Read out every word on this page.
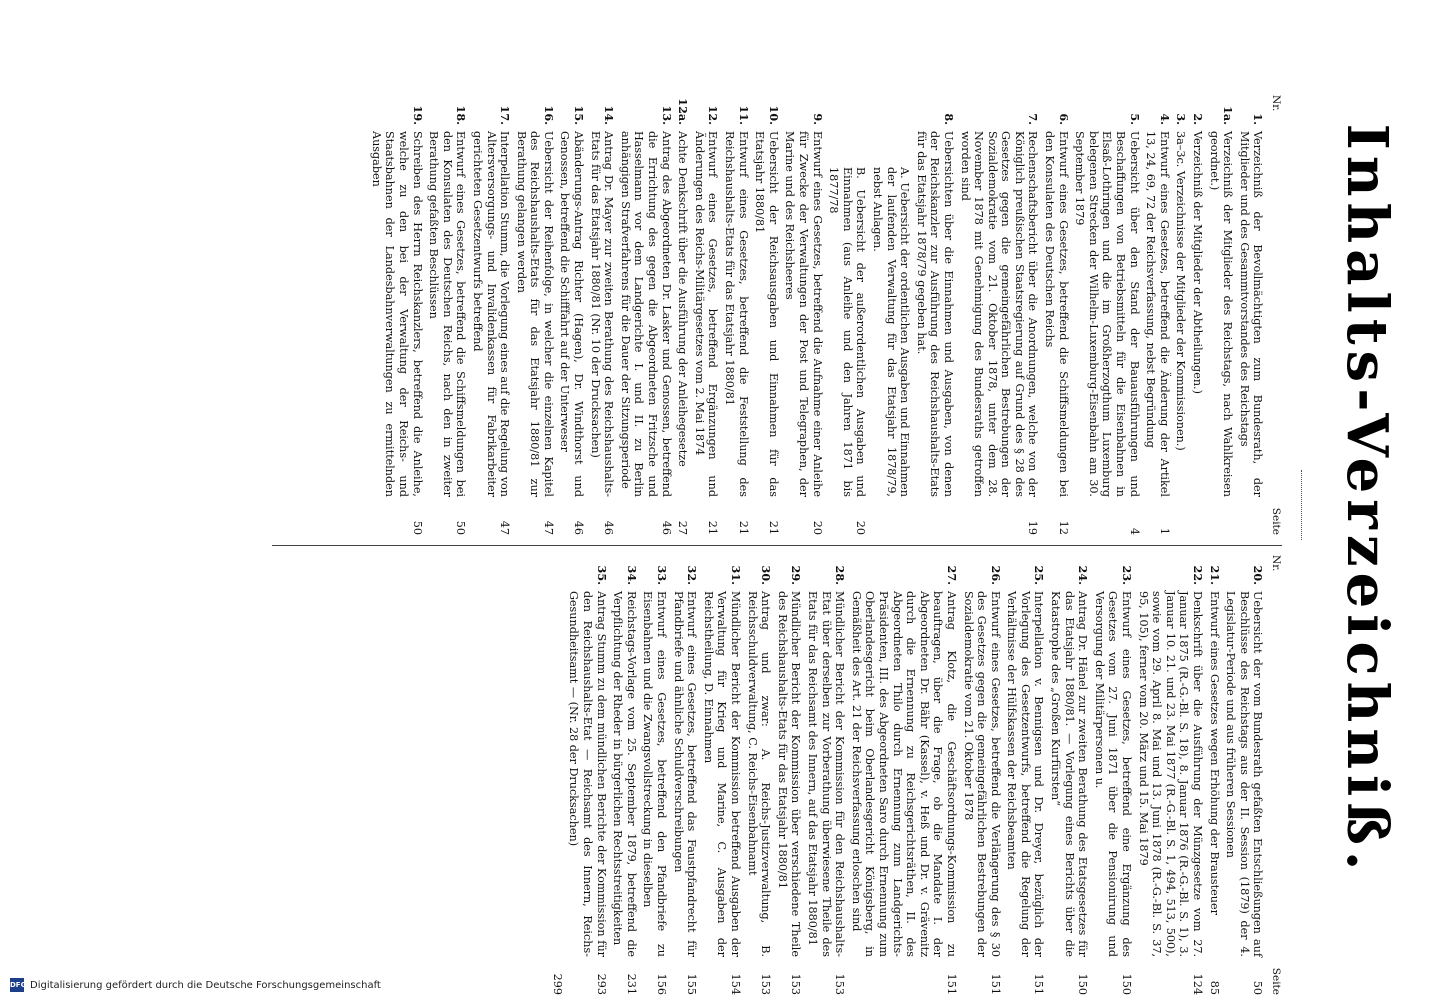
Inhalts-Verzeichniß.
Nr.
Seite
1.
Verzeichniß der Bevollmächtigten zum Bundesrath, der Mitglieder und des Gesammtvorstandes des Reichstags
1a.
Verzeichniß der Mitglieder des Reichstags, nach Wahlkreisen geordnet.)
2.
Verzeichniß der Mitglieder der Abtheilungen.)
3.
3a–3c. Verzeichnisse der Mitglieder der Kommissionen.)
4.
Entwurf eines Gesetzes, betreffend die Änderung der Artikel 13, 24, 69, 72 der Reichsverfassung, nebst Begründung
1
5.
Uebersicht über den Stand der Bauausführungen und Beschaffungen von Betriebsmitteln für die Eisenbahnen in Elsaß-Lothringen und die im Großherzogthum Luxemburg belegenen Strecken der Wilhelm-Luxemburg-Eisenbahn am 30. September 1879
4
6.
Entwurf eines Gesetzes, betreffend die Schiffsmeldungen bei den Konsulaten des Deutschen Reichs
12
7.
Rechenschaftsbericht über die Anordnungen, welche von der Königlich preußischen Staatsregierung auf Grund des § 28 des Gesetzes gegen die gemeingefährlichen Bestrebungen der Sozialdemokratie vom 21. Oktober 1878, unter dem 28. November 1878 mit Genehmigung des Bundesraths getroffen worden sind
19
8.
Uebersichten über die Einnahmen und Ausgaben, von denen der Reichskanzler zur Ausführung des Reichshaushalts-Etats für das Etatsjahr 1878/79 gegeben hat.
A. Uebersicht der ordentlichen Ausgaben und Einnahmen der laufenden Verwaltung für das Etatsjahr 1878/79, nebst Anlagen.
B. Uebersicht der außerordentlichen Ausgaben und Einnahmen (aus Anleihe und den Jahren 1871 bis 1877/78
20
9.
Entwurf eines Gesetzes, betreffend die Aufnahme einer Anleihe für Zwecke der Verwaltungen der Post und Telegraphen, der Marine und des Reichsheeres
20
10.
Uebersicht der Reichsausgaben und Einnahmen für das Etatsjahr 1880/81
21
11.
Entwurf eines Gesetzes, betreffend die Feststellung des Reichshaushalts-Etats für das Etatsjahr 1880/81
21
12.
Entwurf eines Gesetzes, betreffend Ergänzungen und Änderungen des Reichs-Militärgesetzes vom 2. Mai 1874
21
12a.
Achte Denkschrift über die Ausführung der Anleihegesetze
27
13.
Antrag des Abgeordneten Dr. Lasker und Genossen, betreffend die Errichtung des gegen die Abgeordneten Fritzsche und Hasselmann vor dem Landgerichte I. und II. zu Berlin anhängigen Strafverfahrens für die Dauer der Sitzungsperiode
46
14.
Antrag Dr. Mayer zur zweiten Berathung des Reichshaushalts-Etats für das Etatsjahr 1880/81 (Nr. 10 der Drucksachen)
46
15.
Abänderungs-Antrag Richter (Hagen), Dr. Windthorst und Genossen, betreffend die Schifffahrt auf der Unterweser
46
16.
Uebersicht der Reihenfolge, in welcher die einzelnen Kapitel des Reichshaushalts-Etats für das Etatsjahr 1880/81 zur Berathung gelangen werden
47
17.
Interpellation Stumm, die Vorlegung eines auf die Regelung von Altersversorgungs- und Invalidenkassen für Fabrikarbeiter gerichteten Gesetzentwurfs betreffend
47
18.
Entwurf eines Gesetzes, betreffend die Schiffsmeldungen bei den Konsulaten des Deutschen Reichs, nach den in zweiter Berathung gefaßten Beschlüssen
50
19.
Schreiben des Herrn Reichskanzlers, betreffend die Anleihe, welche zu den bei der Verwaltung der Reichs- und Staatsbahnen der Landesbahnverwaltungen zu ermittelnden Ausgaben
50
Nr.
Seite
20.
Uebersicht der vom Bundesrath gefaßten Entschließungen auf Beschlüsse des Reichstags aus der II. Session (1879) der 4. Legislatur-Periode und aus früheren Sessionen
50
21.
Entwurf eines Gesetzes wegen Erhöhung der Brausteuer
85
22.
Denkschrift über die Ausführung der Münzgesetze vom 27. Januar 1875 (R.-G.-Bl. S. 18), 8. Januar 1876 (R.-G.-Bl. S. 1), 3. Januar 10. 21. und 23. Mai 1877 (R.-G.-Bl. S. 1, 494, 513, 500), sowie vom 29. April 8. Mai und 13. Juni 1878 (R.-G.-Bl. S. 37, 95, 105), ferner vom 20. März und 15. Mai 1879
124
23.
Entwurf eines Gesetzes, betreffend eine Ergänzung des Gesetzes vom 27. Juni 1871 über die Pensionirung und Versorgung der Militärpersonen u.
150
24.
Antrag Dr. Hänel zur zweiten Berathung des Etatsgesetzes für das Etatsjahr 1880/81. — Vorlegung eines Berichts über die Katastrophe des „Großen Kurfürsten“
150
25.
Interpellation v. Bennigsen und Dr. Dreyer, bezüglich der Vorlegung des Gesetzentwurfs, betreffend die Regelung der Verhältnisse der Hülfskassen der Reichsbeamten
151
26.
Entwurf eines Gesetzes, betreffend die Verlängerung des § 30 des Gesetzes gegen die gemeingefährlichen Bestrebungen der Sozialdemokratie vom 21. Oktober 1878
151
27.
Antrag Klotz, die Geschäftsordnungs-Kommission zu beauftragen, über die Frage, ob die Mandate I. der Abgeordneten Dr. Bähr (Kassel), v. Heß und Dr. v. Grävenitz durch die Ernennung zu Reichsgerichtsräthen, II. des Abgeordneten Thilo durch Ernennung zum Landgerichts-Präsidenten, III. des Abgeordneten Saro durch Ernennung zum Oberlandesgericht beim Oberlandesgericht Königsberg, in Gemäßheit des Art. 21 der Reichsverfassung erloschen sind
151
28.
Mündlicher Bericht der Kommission für den Reichshaushalts-Etat über derselben zur Vorberathung überwiesene Theile des Etats für das Reichsamt des Innern, auf das Etatsjahr 1880/81
153
29.
Mündlicher Bericht der Kommission über verschiedene Theile des Reichshaushalts-Etats für das Etatsjahr 1880/81
153
30.
Antrag und zwar: A. Reichs-Justizverwaltung, B. Reichsschuldverwaltung, C. Reichs-Eisenbahnamt
153
31.
Mündlicher Bericht der Kommission betreffend Ausgaben der Verwaltung für Krieg und Marine, C. Ausgaben der Reichstheilung, D. Einnahmen
154
32.
Entwurf eines Gesetzes, betreffend das Faustpfandrecht für Pfandbriefe und ähnliche Schuldverschreibungen
155
33.
Entwurf eines Gesetzes, betreffend den Pfandbriefe zu Eisenbahnen und die Zwangsvollstreckung in dieselben
156
34.
Reichstags-Vorlage vom 25. September 1879, betreffend die Verpflichtung der Rheder in bürgerlichen Rechtsstreitigkeiten
231
35.
Antrag Stumm zu dem mündlichen Berichte der Kommission für den Reichshaushalts-Etat — Reichsamt des Innern, Reichs-Gesundheitsamt — (Nr. 28 der Drucksachen)
293
299
DFG Digitalisierung gefördert durch die Deutsche Forschungsgemeinschaft
